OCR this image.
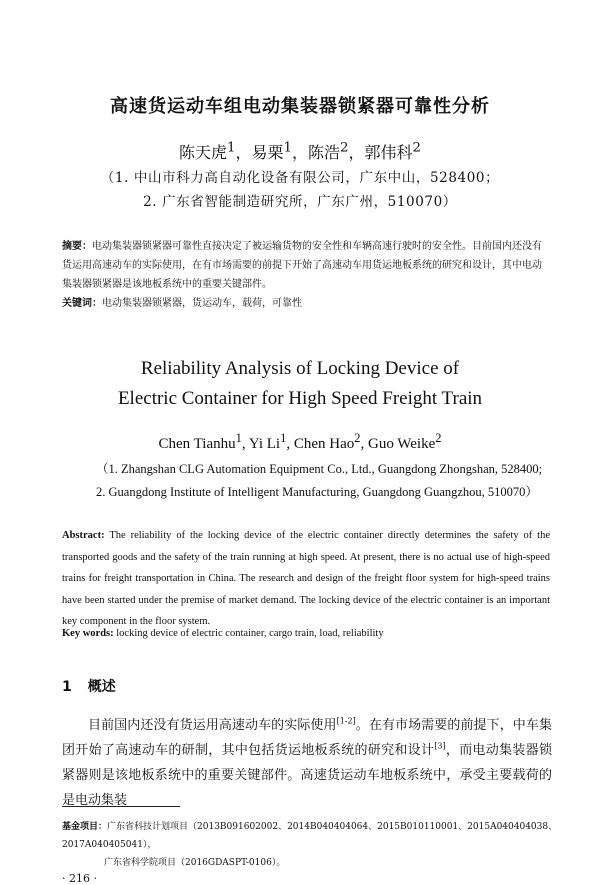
高速货运动车组电动集装器锁紧器可靠性分析
陈天虎$^1$，易栗$^1$，陈浩$^2$，郭伟科$^2$
（1. 中山市科力高自动化设备有限公司，广东中山，528400；
2. 广东省智能制造研究所，广东广州，510070）
摘要：电动集装器锁紧器可靠性直接决定了被运输货物的安全性和车辆高速行驶时的安全性。目前国内还没有货运用高速动车的实际使用，在有市场需要的前提下开始了高速动车用货运地板系统的研究和设计，其中电动集装器锁紧器是该地板系统中的重要关键部件。
关键词：电动集装器锁紧器，货运动车，载荷，可靠性
Reliability Analysis of Locking Device of
Electric Container for High Speed Freight Train
Chen Tianhu$^1$, Yi Li$^1$, Chen Hao$^2$, Guo Weike$^2$
（1. Zhangshan CLG Automation Equipment Co., Ltd., Guangdong Zhongshan, 528400;
2. Guangdong Institute of Intelligent Manufacturing, Guangdong Guangzhou, 510070）
Abstract: The reliability of the locking device of the electric container directly determines the safety of the transported goods and the safety of the train running at high speed. At present, there is no actual use of high-speed trains for freight transportation in China. The research and design of the freight floor system for high-speed trains have been started under the premise of market demand. The locking device of the electric container is an important key component in the floor system.
Key words: locking device of electric container, cargo train, load, reliability
1 概述
目前国内还没有货运用高速动车的实际使用[1-2]。在有市场需要的前提下，中车集团开始了高速动车的研制，其中包括货运地板系统的研究和设计[3]，而电动集装器锁紧器则是该地板系统中的重要关键部件。高速货运动车地板系统中，承受主要载荷的是电动集装
基金项目：广东省科技计划项目（2013B091602002、2014B040404064、2015B010110001、2015A040404038、2017A040405041），
广东省科学院项目（2016GDASPT-0106）。
· 216 ·
